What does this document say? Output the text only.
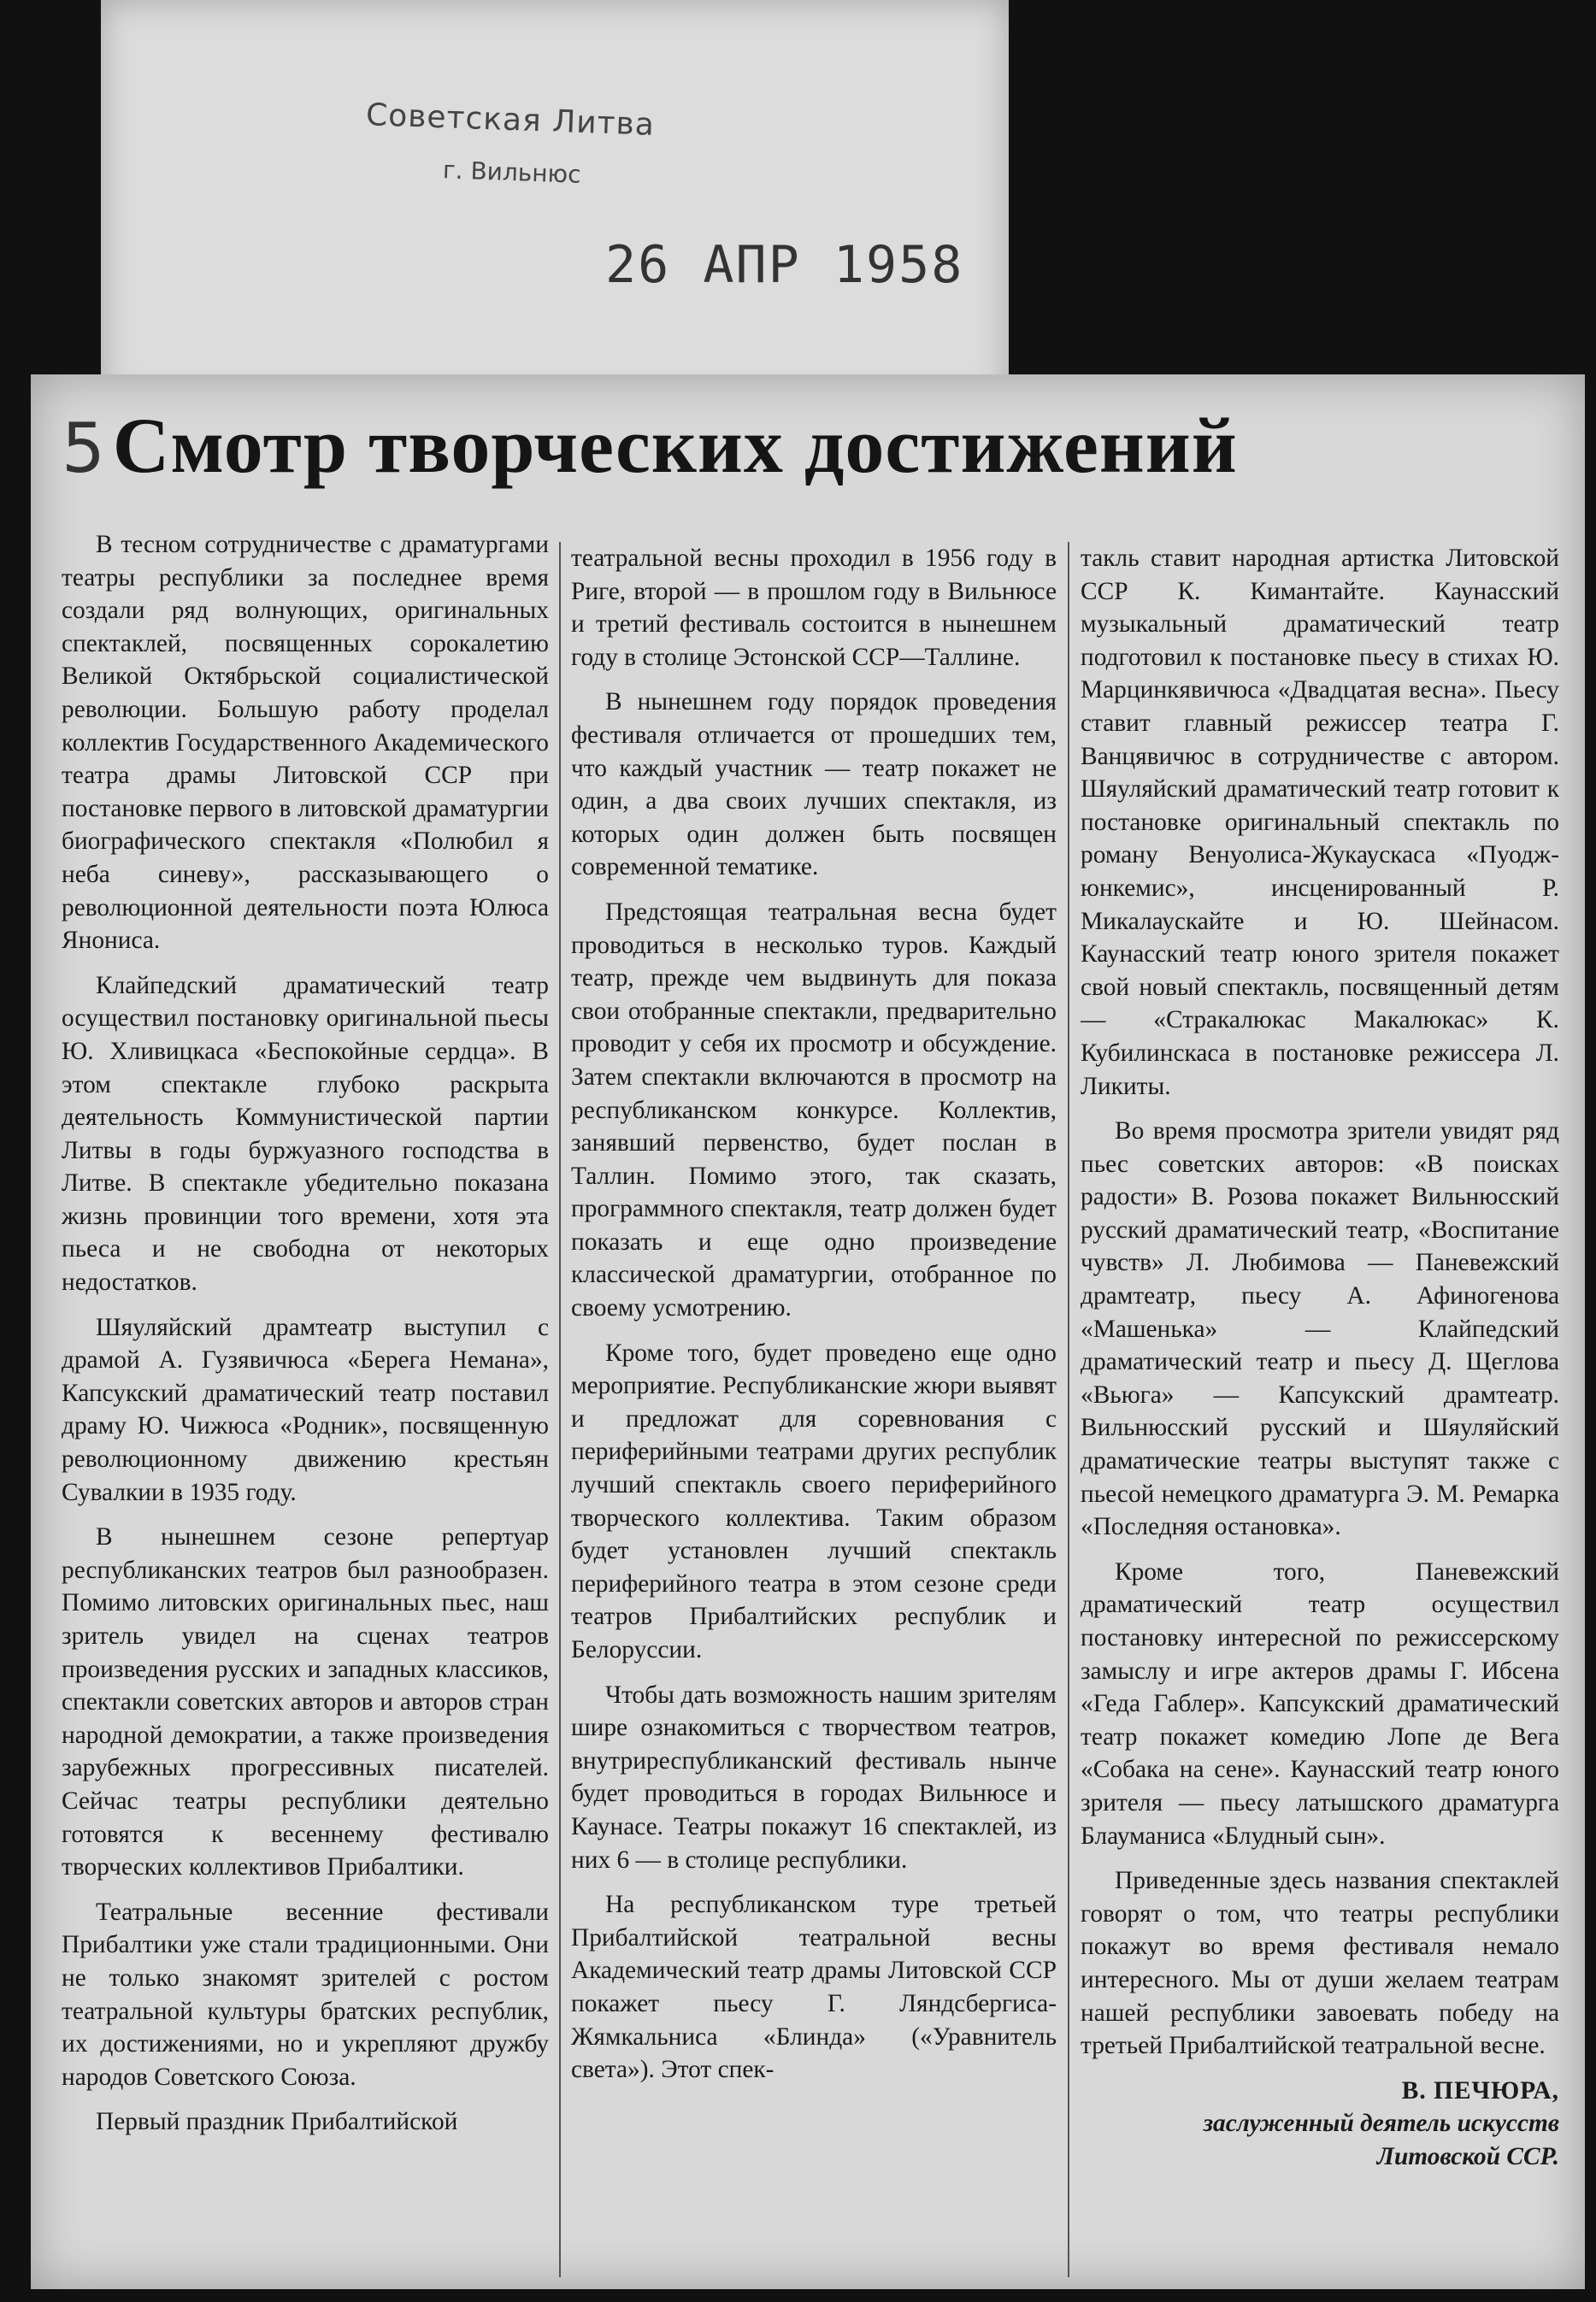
Советская Литва
г. Вильнюс
26 АПР 1958
5Смотр творческих достижений

В тесном сотрудничестве с драматургами театры республики за последнее время создали ряд волнующих, оригинальных спектаклей, посвященных сорокалетию Великой Октябрьской социалистической революции. Большую работу проделал коллектив Государственного Академического театра драмы Литовской ССР при постановке первого в литовской драматургии биографического спектакля «Полюбил я неба синеву», рассказывающего о революционной деятельности поэта Юлюса Янониса.

Клайпедский драматический театр осуществил постановку оригинальной пьесы Ю. Хливицкаса «Беспокойные сердца». В этом спектакле глубоко раскрыта деятельность Коммунистической партии Литвы в годы буржуазного господства в Литве. В спектакле убедительно показана жизнь провинции того времени, хотя эта пьеса и не свободна от некоторых недостатков.

Шяуляйский драмтеатр выступил с драмой А. Гузявичюса «Берега Немана», Капсукский драматический театр поставил драму Ю. Чижюса «Родник», посвященную революционному движению крестьян Сувалкии в 1935 году.

В нынешнем сезоне репертуар республиканских театров был разнообразен. Помимо литовских оригинальных пьес, наш зритель увидел на сценах театров произведения русских и западных классиков, спектакли советских авторов и авторов стран народной демократии, а также произведения зарубежных прогрессивных писателей. Сейчас театры республики деятельно готовятся к весеннему фестивалю творческих коллективов Прибалтики.

Театральные весенние фестивали Прибалтики уже стали традиционными. Они не только знакомят зрителей с ростом театральной культуры братских республик, их достижениями, но и укрепляют дружбу народов Советского Союза.

Первый праздник Прибалтийской

театральной весны проходил в 1956 году в Риге, второй — в прошлом году в Вильнюсе и третий фестиваль состоится в нынешнем году в столице Эстонской ССР—Таллине.

В нынешнем году порядок проведения фестиваля отличается от прошедших тем, что каждый участник — театр покажет не один, а два своих лучших спектакля, из которых один должен быть посвящен современной тематике.

Предстоящая театральная весна будет проводиться в несколько туров. Каждый театр, прежде чем выдвинуть для показа свои отобранные спектакли, предварительно проводит у себя их просмотр и обсуждение. Затем спектакли включаются в просмотр на республиканском конкурсе. Коллектив, занявший первенство, будет послан в Таллин. Помимо этого, так сказать, программного спектакля, театр должен будет показать и еще одно произведение классической драматургии, отобранное по своему усмотрению.

Кроме того, будет проведено еще одно мероприятие. Республиканские жюри выявят и предложат для соревнования с периферийными театрами других республик лучший спектакль своего периферийного творческого коллектива. Таким образом будет установлен лучший спектакль периферийного театра в этом сезоне среди театров Прибалтийских республик и Белоруссии.

Чтобы дать возможность нашим зрителям шире ознакомиться с творчеством театров, внутриреспубликанский фестиваль нынче будет проводиться в городах Вильнюсе и Каунасе. Театры покажут 16 спектаклей, из них 6 — в столице республики.

На республиканском туре третьей Прибалтийской театральной весны Академический театр драмы Литовской ССР покажет пьесу Г. Ляндсбергиса-Жямкальниса «Блинда» («Уравнитель света»). Этот спек-

такль ставит народная артистка Литовской ССР К. Кимантайте. Каунасский музыкальный драматический театр подготовил к постановке пьесу в стихах Ю. Марцинкявичюса «Двадцатая весна». Пьесу ставит главный режиссер театра Г. Ванцявичюс в сотрудничестве с автором. Шяуляйский драматический театр готовит к постановке оригинальный спектакль по роману Венуолиса-Жукаускаса «Пуоджюнкемис», инсценированный Р. Микалаускайте и Ю. Шейнасом. Каунасский театр юного зрителя покажет свой новый спектакль, посвященный детям — «Стракалюкас Макалюкас» К. Кубилинскаса в постановке режиссера Л. Ликиты.

Во время просмотра зрители увидят ряд пьес советских авторов: «В поисках радости» В. Розова покажет Вильнюсский русский драматический театр, «Воспитание чувств» Л. Любимова — Паневежский драмтеатр, пьесу А. Афиногенова «Машенька» — Клайпедский драматический театр и пьесу Д. Щеглова «Вьюга» — Капсукский драмтеатр. Вильнюсский русский и Шяуляйский драматические театры выступят также с пьесой немецкого драматурга Э. М. Ремарка «Последняя остановка».

Кроме того, Паневежский драматический театр осуществил постановку интересной по режиссерскому замыслу и игре актеров драмы Г. Ибсена «Геда Габлер». Капсукский драматический театр покажет комедию Лопе де Вега «Собака на сене». Каунасский театр юного зрителя — пьесу латышского драматурга Блауманиса «Блудный сын».

Приведенные здесь названия спектаклей говорят о том, что театры республики покажут во время фестиваля немало интересного. Мы от души желаем театрам нашей республики завоевать победу на третьей Прибалтийской театральной весне.

В. ПЕЧЮРА,
заслуженный деятель искусств
Литовской ССР.
